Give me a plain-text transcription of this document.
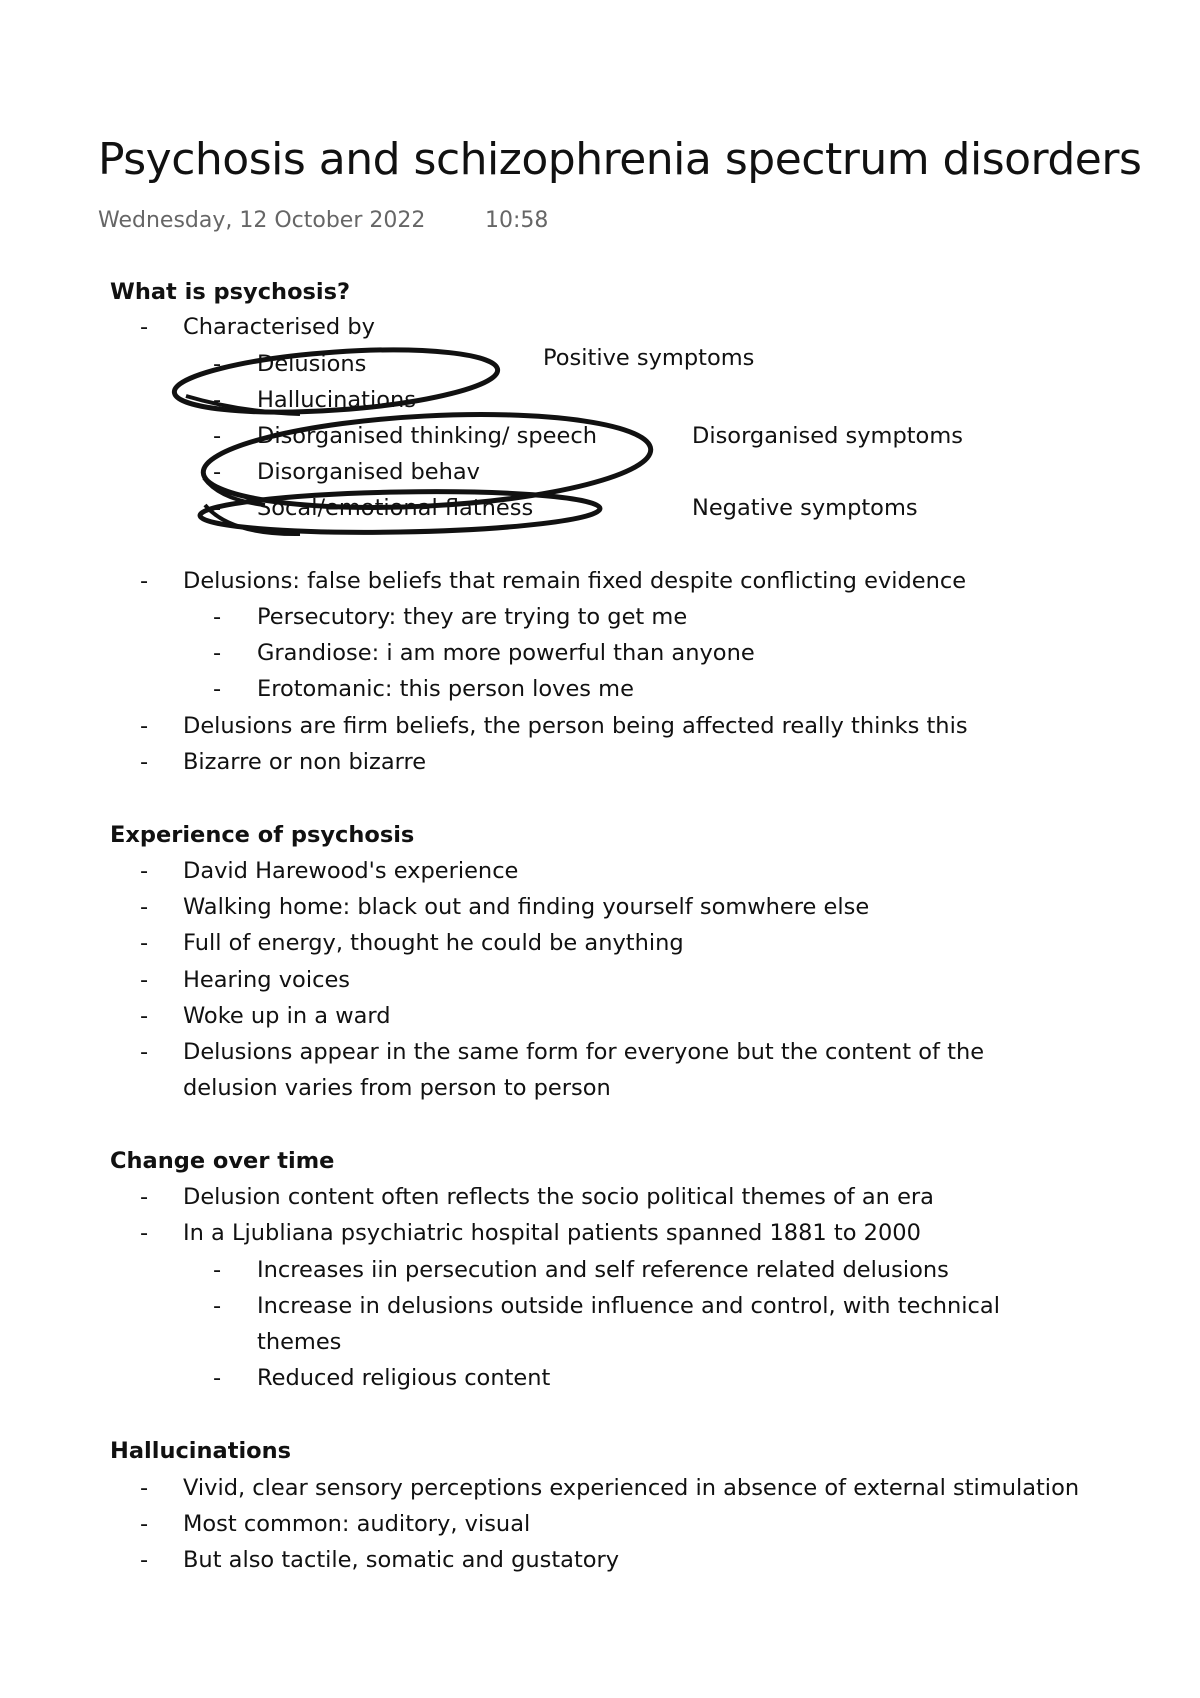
Psychosis and schizophrenia spectrum disorders
Wednesday, 12 October 2022	10:58
What is psychosis?
- Characterised by
- Delusions
- Hallucinations
- Disorganised thinking/ speech
- Disorganised behav
- Socal/emotional flatness
Positive symptoms
Disorganised symptoms
Negative symptoms
- Delusions: false beliefs that remain fixed despite conflicting evidence
- Persecutory: they are trying to get me
- Grandiose: i am more powerful than anyone
- Erotomanic: this person loves me
- Delusions are firm beliefs, the person being affected really thinks this
- Bizarre or non bizarre
Experience of psychosis
- David Harewood's experience
- Walking home: black out and finding yourself somwhere else
- Full of energy, thought he could be anything
- Hearing voices
- Woke up in a ward
- Delusions appear in the same form for everyone but the content of the
delusion varies from person to person
Change over time
- Delusion content often reflects the socio political themes of an era
- In a Ljubliana psychiatric hospital patients spanned 1881 to 2000
- Increases iin persecution and self reference related delusions
- Increase in delusions outside influence and control, with technical
themes
- Reduced religious content
Hallucinations
- Vivid, clear sensory perceptions experienced in absence of external stimulation
- Most common: auditory, visual
- But also tactile, somatic and gustatory
